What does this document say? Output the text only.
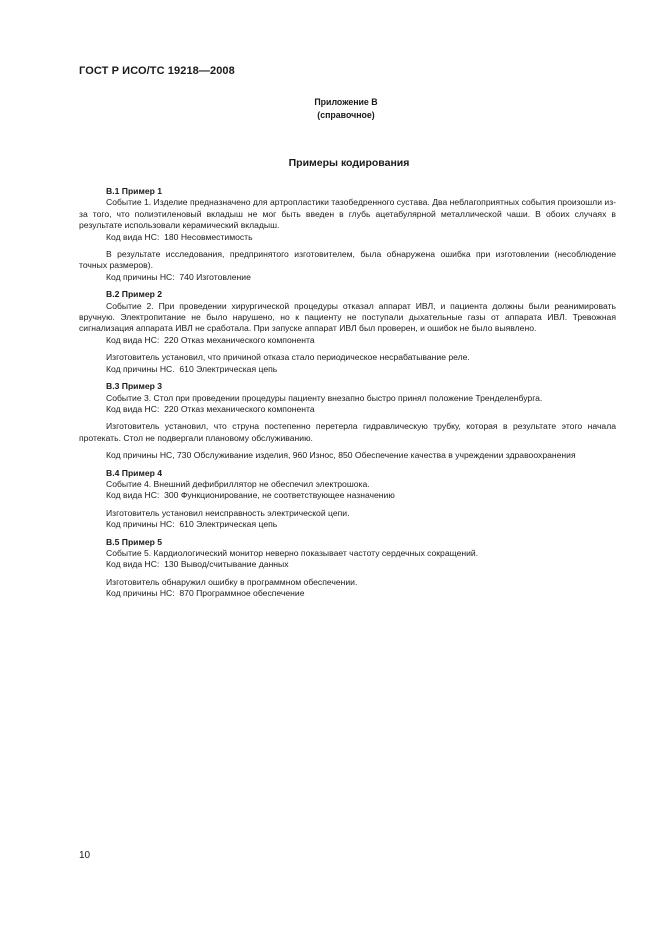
ГОСТ Р ИСО/ТС 19218—2008
Приложение B
(справочное)
Примеры кодирования
B.1 Пример 1

Событие 1. Изделие предназначено для артропластики тазобедренного сустава. Два неблагоприятных события произошли из-за того, что полиэтиленовый вкладыш не мог быть введен в глубь ацетабулярной металлической чаши. В обоих случаях в результате использовали керамический вкладыш.

Код вида НС:  180 Несовместимость

В результате исследования, предпринятого изготовителем, была обнаружена ошибка при изготовлении (несоблюдение точных размеров).

Код причины НС:  740 Изготовление

B.2 Пример 2

Событие 2. При проведении хирургической процедуры отказал аппарат ИВЛ, и пациента должны были реанимировать вручную. Электропитание не было нарушено, но к пациенту не поступали дыхательные газы от аппарата ИВЛ. Тревожная сигнализация аппарата ИВЛ не сработала. При запуске аппарат ИВЛ был проверен, и ошибок не было выявлено.

Код вида НС:  220 Отказ механического компонента

Изготовитель установил, что причиной отказа стало периодическое несрабатывание реле.

Код причины НС.  610 Электрическая цепь

B.3 Пример 3

Событие 3. Стол при проведении процедуры пациенту внезапно быстро принял положение Тренделенбурга.

Код вида НС:  220 Отказ механического компонента

Изготовитель установил, что струна постепенно перетерла гидравлическую трубку, которая в результате этого начала протекать. Стол не подвергали плановому обслуживанию.

Код причины НС, 730 Обслуживание изделия, 960 Износ, 850 Обеспечение качества в учреждении здравоохранения

B.4 Пример 4

Событие 4. Внешний дефибриллятор не обеспечил электрошока.

Код вида НС:  300 Функционирование, не соответствующее назначению

Изготовитель установил неисправность электрической цепи.

Код причины НС:  610 Электрическая цепь

B.5 Пример 5

Событие 5. Кардиологический монитор неверно показывает частоту сердечных сокращений.

Код вида НС:  130 Вывод/считывание данных

Изготовитель обнаружил ошибку в программном обеспечении.

Код причины НС:  870 Программное обеспечение

10
